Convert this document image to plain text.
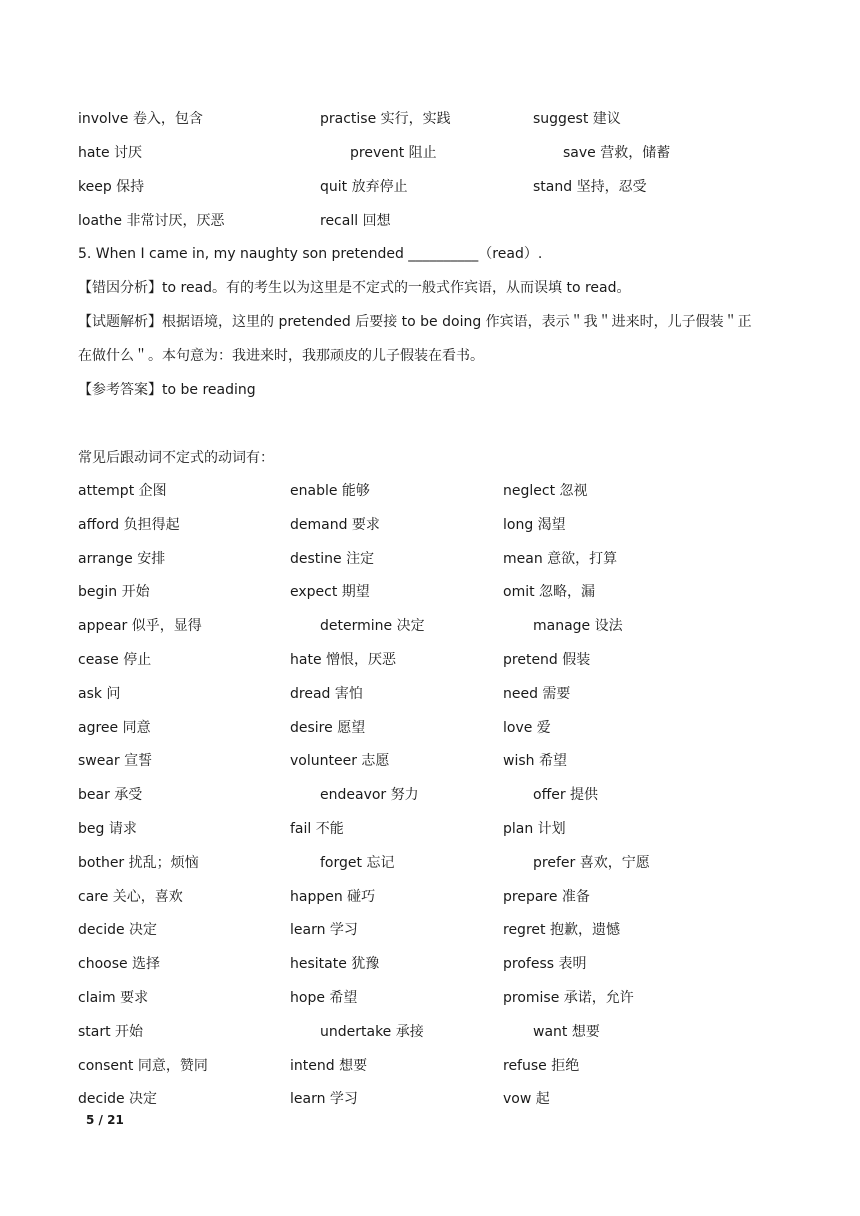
involve 卷入，包含	practise 实行，实践	suggest 建议
hate 讨厌	prevent 阻止	save 营救，储蓄
keep 保持	quit 放弃停止	stand 坚持，忍受
loathe 非常讨厌，厌恶	recall 回想
5. When I came in, my naughty son pretended __________（read）.
【错因分析】to read。有的考生以为这里是不定式的一般式作宾语，从而误填 to read。
【试题解析】根据语境，这里的 pretended 后要接 to be doing 作宾语，表示＂我＂进来时，儿子假装＂正
在做什么＂。本句意为：我进来时，我那顽皮的儿子假装在看书。
【参考答案】to be reading
常见后跟动词不定式的动词有：
attempt 企图	enable 能够	neglect 忽视
afford 负担得起	demand 要求	long 渴望
arrange 安排	destine 注定	mean 意欲，打算
begin 开始	expect 期望	omit 忽略，漏
appear 似乎，显得	determine 决定	manage 设法
cease 停止	hate 憎恨，厌恶	pretend 假装
ask 问	dread 害怕	need 需要
agree 同意	desire 愿望	love 爱
swear 宣誓	volunteer 志愿	wish 希望
bear 承受	endeavor 努力	offer 提供
beg 请求	fail 不能	plan 计划
bother 扰乱；烦恼	forget 忘记	prefer 喜欢，宁愿
care 关心，喜欢	happen 碰巧	prepare 准备
decide 决定	learn 学习	regret 抱歉，遗憾
choose 选择	hesitate 犹豫	profess 表明
claim 要求	hope 希望	promise 承诺，允许
start 开始	undertake 承接	want 想要
consent 同意，赞同	intend 想要	refuse 拒绝
decide 决定	learn 学习	vow 起
5 / 21
